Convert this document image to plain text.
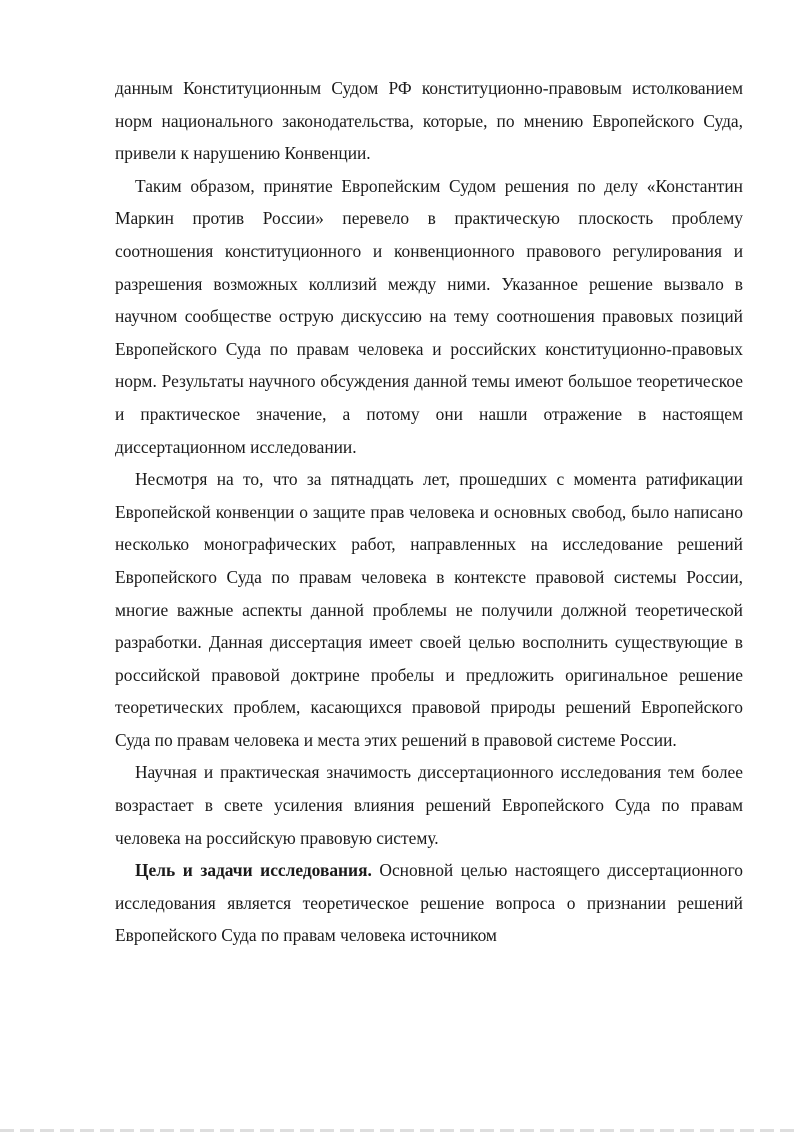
данным Конституционным Судом РФ конституционно-правовым истолкованием норм национального законодательства, которые, по мнению Европейского Суда, привели к нарушению Конвенции.

Таким образом, принятие Европейским Судом решения по делу «Константин Маркин против России» перевело в практическую плоскость проблему соотношения конституционного и конвенционного правового регулирования и разрешения возможных коллизий между ними. Указанное решение вызвало в научном сообществе острую дискуссию на тему соотношения правовых позиций Европейского Суда по правам человека и российских конституционно-правовых норм. Результаты научного обсуждения данной темы имеют большое теоретическое и практическое значение, а потому они нашли отражение в настоящем диссертационном исследовании.

Несмотря на то, что за пятнадцать лет, прошедших с момента ратификации Европейской конвенции о защите прав человека и основных свобод, было написано несколько монографических работ, направленных на исследование решений Европейского Суда по правам человека в контексте правовой системы России, многие важные аспекты данной проблемы не получили должной теоретической разработки. Данная диссертация имеет своей целью восполнить существующие в российской правовой доктрине пробелы и предложить оригинальное решение теоретических проблем, касающихся правовой природы решений Европейского Суда по правам человека и места этих решений в правовой системе России.

Научная и практическая значимость диссертационного исследования тем более возрастает в свете усиления влияния решений Европейского Суда по правам человека на российскую правовую систему.

Цель и задачи исследования. Основной целью настоящего диссертационного исследования является теоретическое решение вопроса о признании решений Европейского Суда по правам человека источником
